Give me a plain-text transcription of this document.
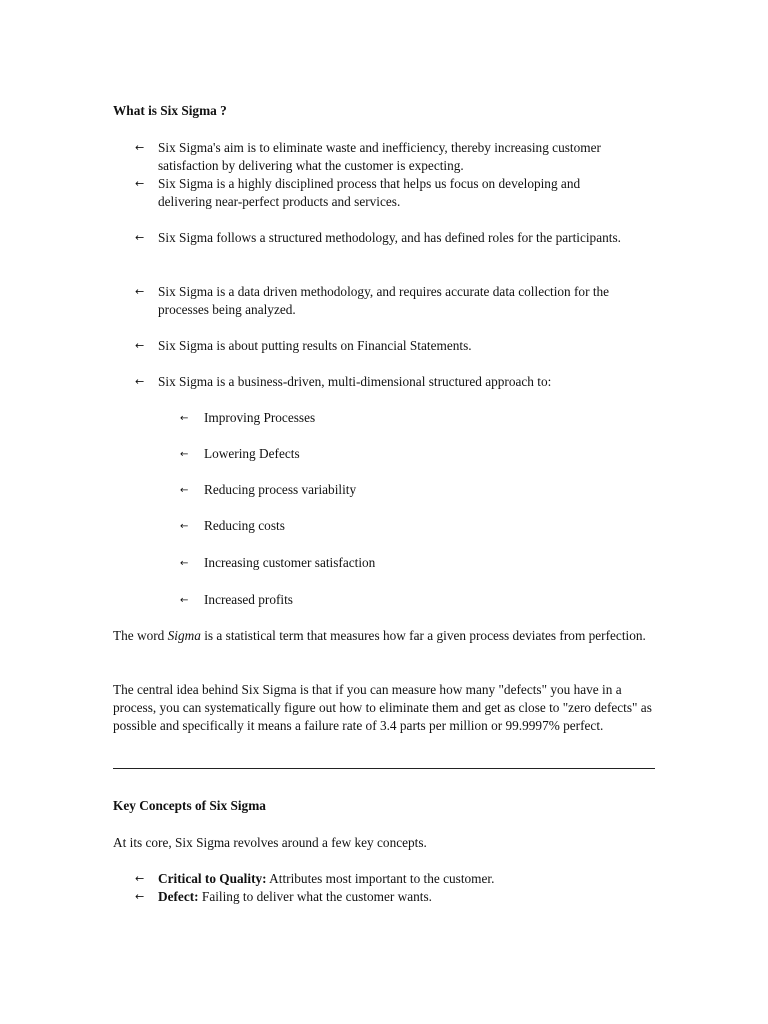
What is Six Sigma ?
←	Six Sigma's aim is to eliminate waste and inefficiency, thereby increasing customer satisfaction by delivering what the customer is expecting.
←	Six Sigma is a highly disciplined process that helps us focus on developing and delivering near-perfect products and services.
←	Six Sigma follows a structured methodology, and has defined roles for the participants.
←	Six Sigma is a data driven methodology, and requires accurate data collection for the processes being analyzed.
←	Six Sigma is about putting results on Financial Statements.
←	Six Sigma is a business-driven, multi-dimensional structured approach to:
← Improving Processes
← Lowering Defects
← Reducing process variability
← Reducing costs
← Increasing customer satisfaction
← Increased profits
The word Sigma is a statistical term that measures how far a given process deviates from perfection.
The central idea behind Six Sigma is that if you can measure how many "defects" you have in a process, you can systematically figure out how to eliminate them and get as close to "zero defects" as possible and specifically it means a failure rate of 3.4 parts per million or 99.9997% perfect.
Key Concepts of Six Sigma
At its core, Six Sigma revolves around a few key concepts.
←	Critical to Quality: Attributes most important to the customer.
←	Defect: Failing to deliver what the customer wants.
